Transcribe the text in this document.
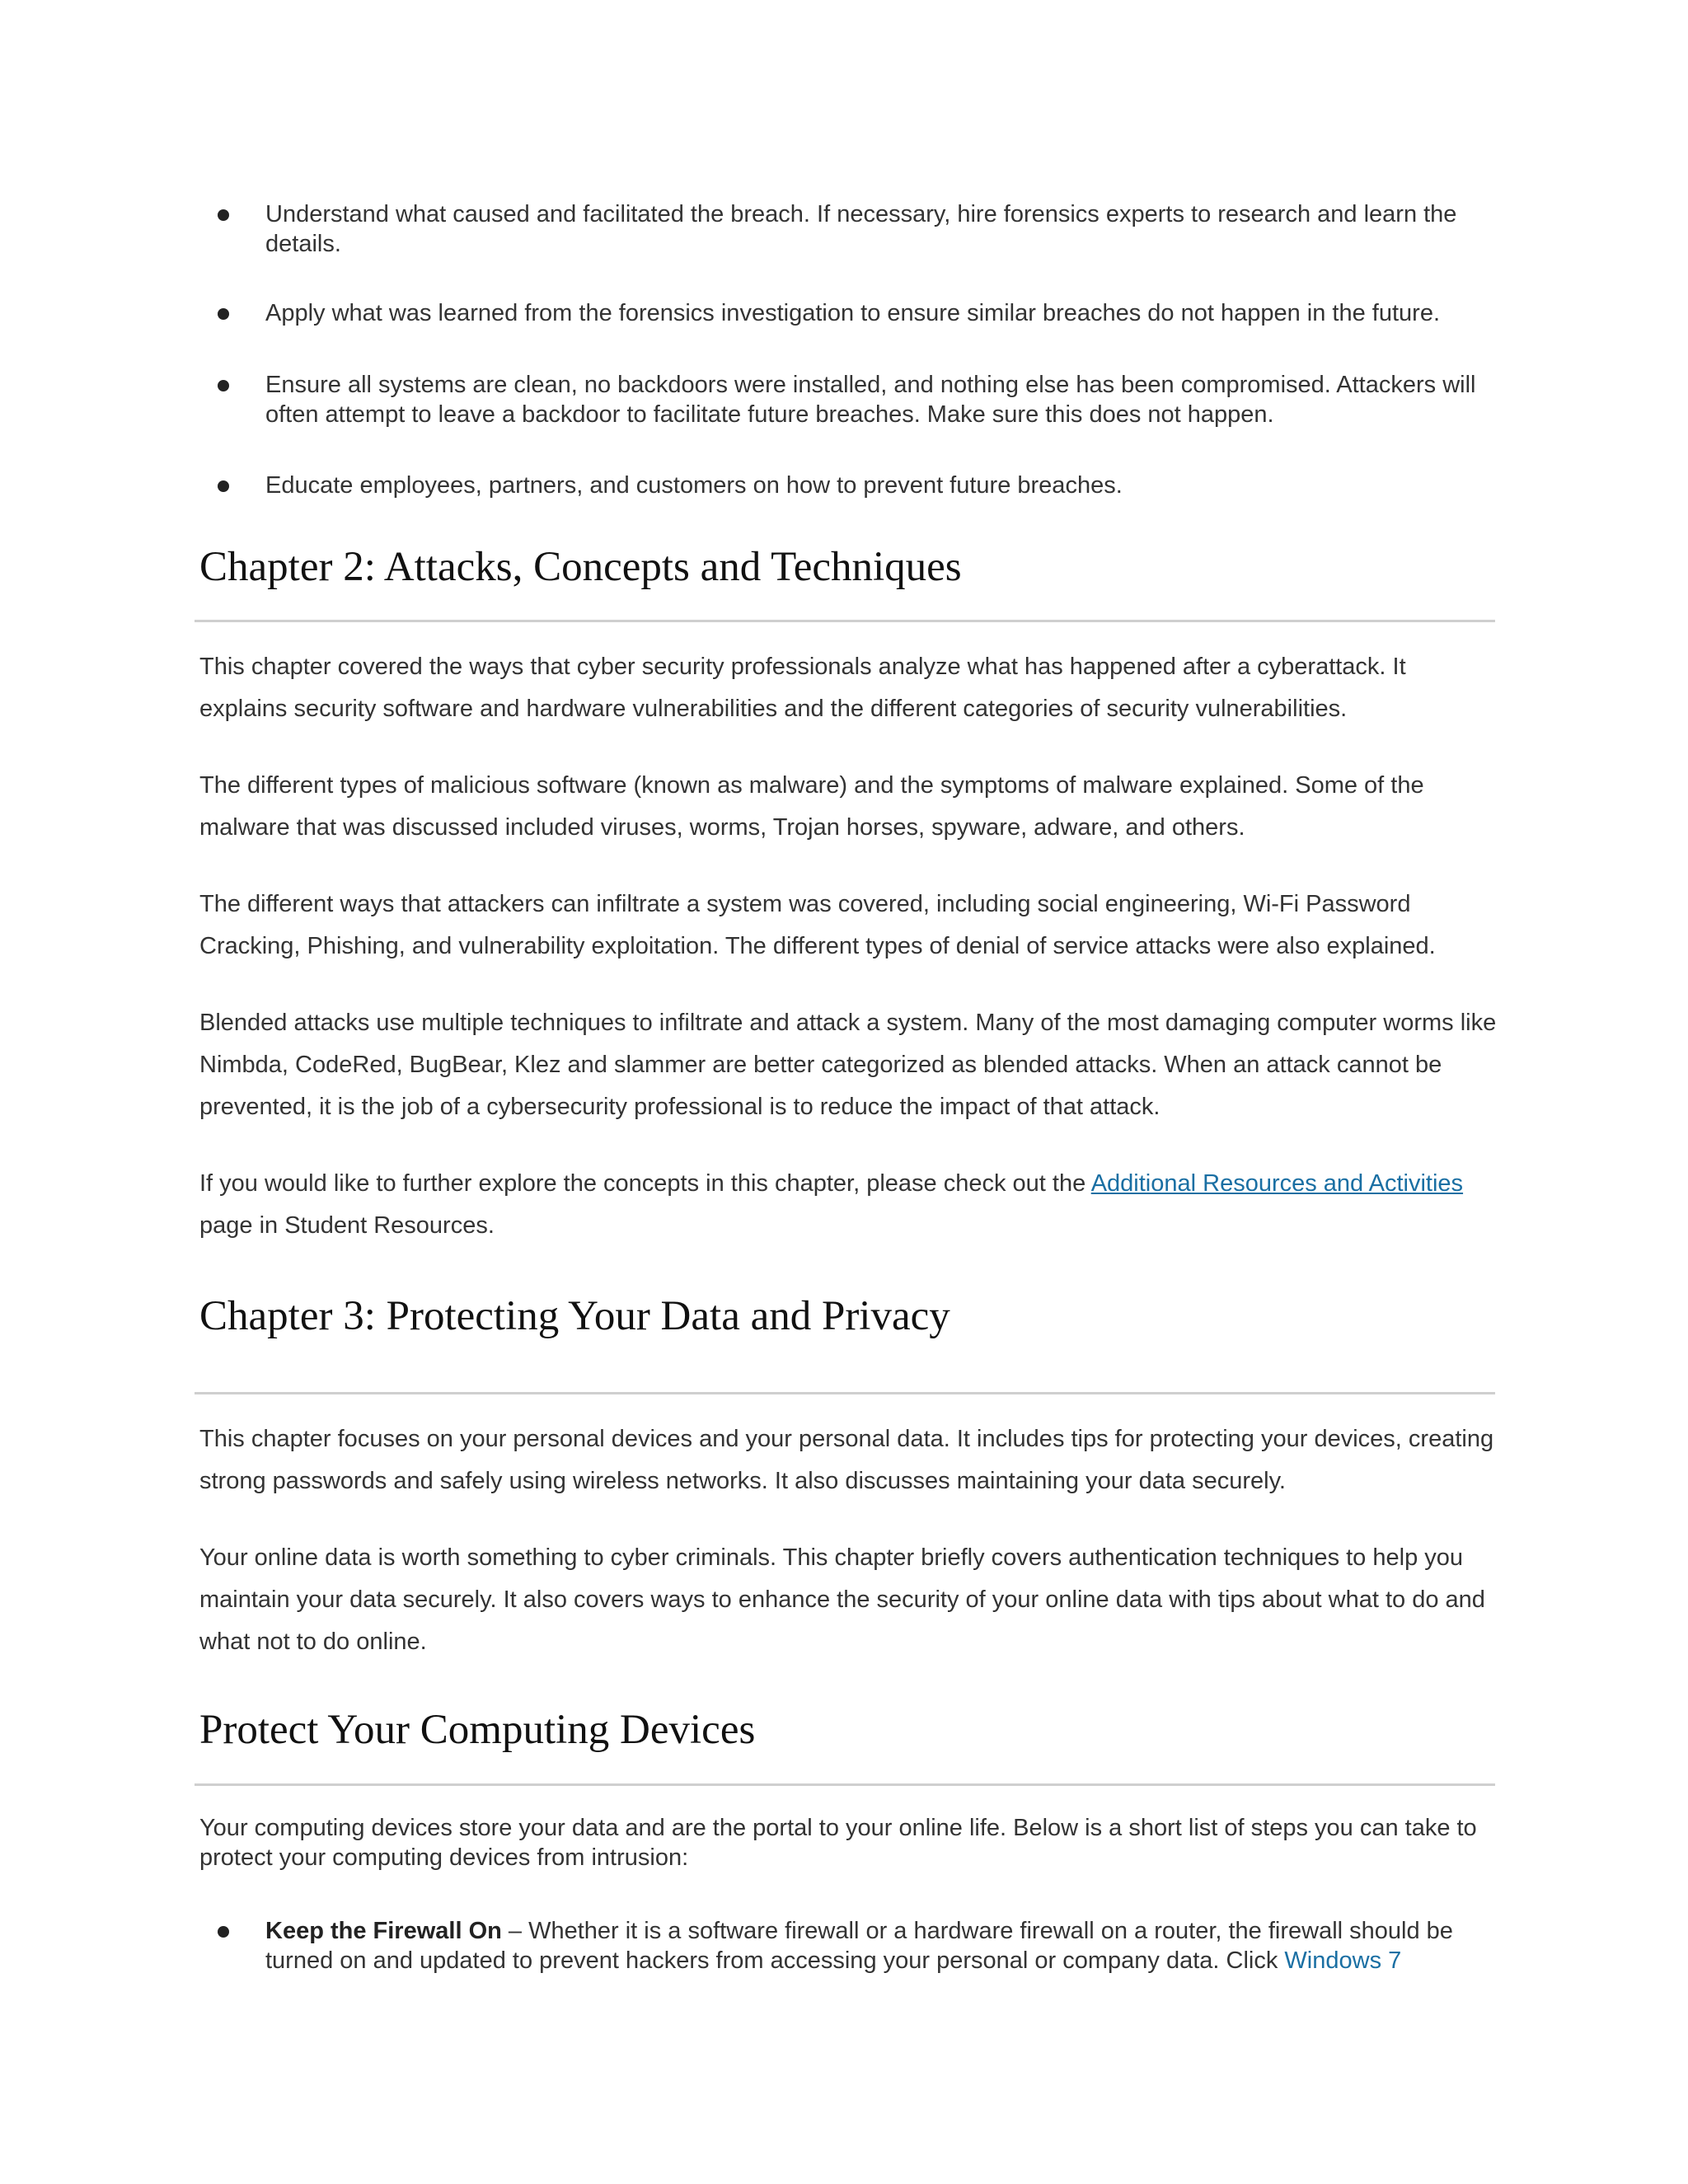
Understand what caused and facilitated the breach. If necessary, hire forensics experts to research and learn the details.
Apply what was learned from the forensics investigation to ensure similar breaches do not happen in the future.
Ensure all systems are clean, no backdoors were installed, and nothing else has been compromised. Attackers will often attempt to leave a backdoor to facilitate future breaches. Make sure this does not happen.
Educate employees, partners, and customers on how to prevent future breaches.
Chapter 2: Attacks, Concepts and Techniques
This chapter covered the ways that cyber security professionals analyze what has happened after a cyberattack. It explains security software and hardware vulnerabilities and the different categories of security vulnerabilities.
The different types of malicious software (known as malware) and the symptoms of malware explained. Some of the malware that was discussed included viruses, worms, Trojan horses, spyware, adware, and others.
The different ways that attackers can infiltrate a system was covered, including social engineering, Wi-Fi Password Cracking, Phishing, and vulnerability exploitation. The different types of denial of service attacks were also explained.
Blended attacks use multiple techniques to infiltrate and attack a system. Many of the most damaging computer worms like Nimbda, CodeRed, BugBear, Klez and slammer are better categorized as blended attacks. When an attack cannot be prevented, it is the job of a cybersecurity professional is to reduce the impact of that attack.
If you would like to further explore the concepts in this chapter, please check out the Additional Resources and Activities page in Student Resources.
Chapter 3: Protecting Your Data and Privacy
This chapter focuses on your personal devices and your personal data. It includes tips for protecting your devices, creating strong passwords and safely using wireless networks. It also discusses maintaining your data securely.
Your online data is worth something to cyber criminals. This chapter briefly covers authentication techniques to help you maintain your data securely. It also covers ways to enhance the security of your online data with tips about what to do and what not to do online.
Protect Your Computing Devices
Your computing devices store your data and are the portal to your online life. Below is a short list of steps you can take to protect your computing devices from intrusion:
Keep the Firewall On – Whether it is a software firewall or a hardware firewall on a router, the firewall should be turned on and updated to prevent hackers from accessing your personal or company data. Click Windows 7
